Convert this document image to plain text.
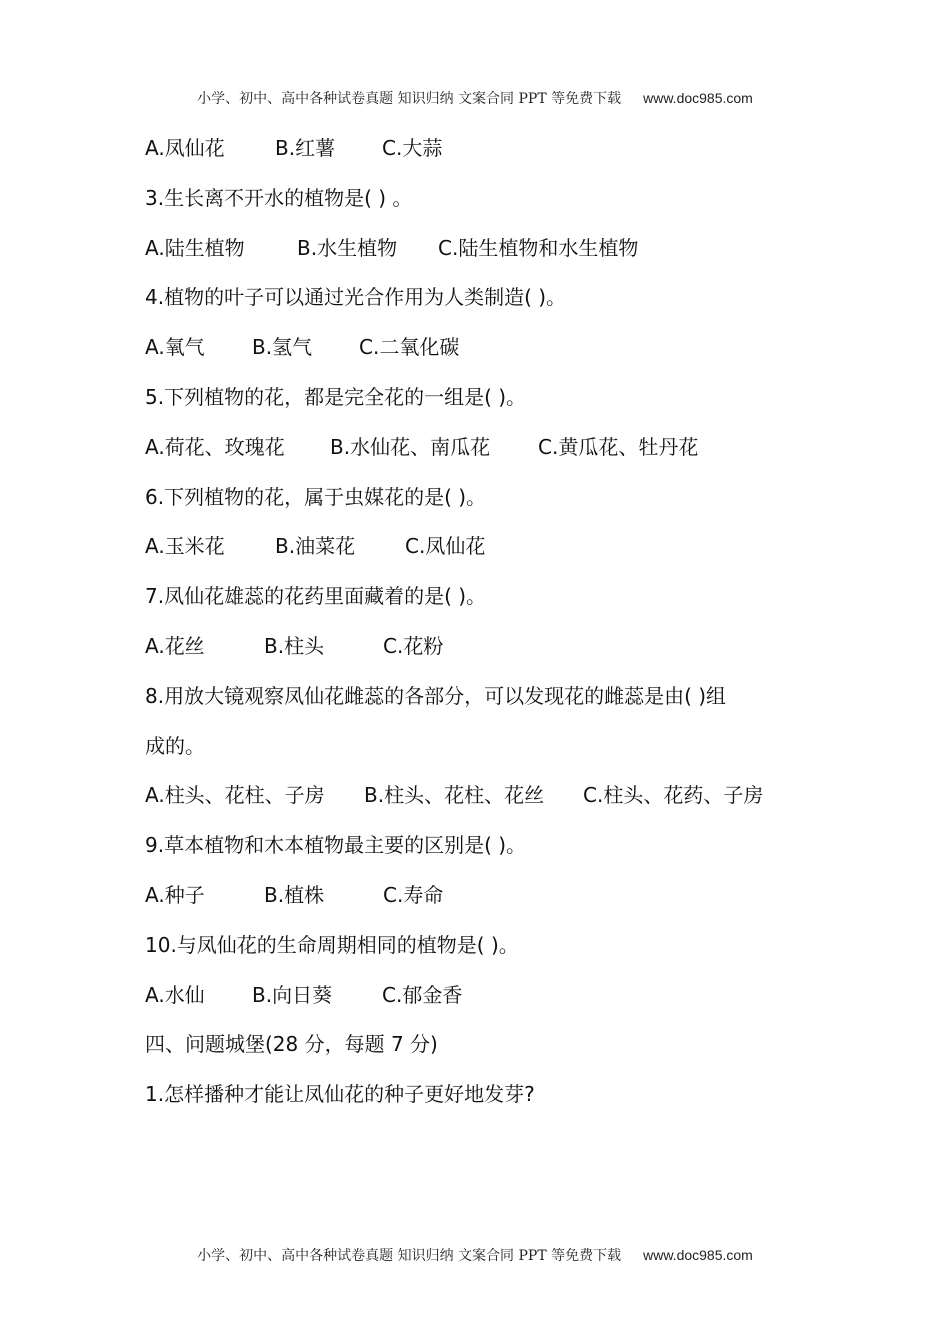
小学、初中、高中各种试卷真题 知识归纳 文案合同 PPT 等免费下载 www.doc985.com
A.凤仙花	B.红薯 C.大蒜
3.生长离不开水的植物是( ) 。
A.陆生植物	B.水生植物 C.陆生植物和水生植物
4.植物的叶子可以通过光合作用为人类制造( )。
A.氧气 B.氢气 C.二氧化碳
5.下列植物的花，都是完全花的一组是( )。
A.荷花、玫瑰花 B.水仙花、南瓜花 C.黄瓜花、牡丹花
6.下列植物的花，属于虫媒花的是( )。
A.玉米花	B.油菜花 C.凤仙花
7.凤仙花雄蕊的花药里面藏着的是( )。
A.花丝	B.柱头	C.花粉
8.用放大镜观察凤仙花雌蕊的各部分，可以发现花的雌蕊是由( )组
成的。
A.柱头、花柱、子房 B.柱头、花柱、花丝 C.柱头、花药、子房
9.草本植物和木本植物最主要的区别是( )。
A.种子	B.植株	C.寿命
10.与凤仙花的生命周期相同的植物是( )。
A.水仙 B.向日葵 C.郁金香
四、问题城堡(28 分，每题 7 分)
1.怎样播种才能让凤仙花的种子更好地发芽?
小学、初中、高中各种试卷真题 知识归纳 文案合同 PPT 等免费下载 www.doc985.com
